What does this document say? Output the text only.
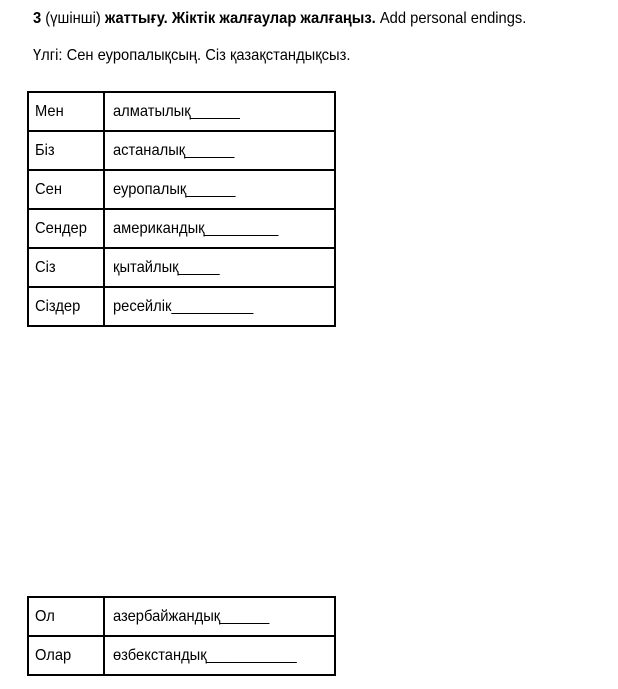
3 (үшінші) жаттығу. Жіктік жалғаулар жалғаңыз. Add personal endings.
Үлгі: Сен еуропалықсың. Сіз қазақстандықсыз.
Мен	алматылық______
Біз	астаналық______
Сен	еуропалық______
Сендер	американдық_________
Сіз	қытайлық_____
Сіздер	ресейлік__________
Ол	азербайжандық______
Олар	өзбекстандық___________
